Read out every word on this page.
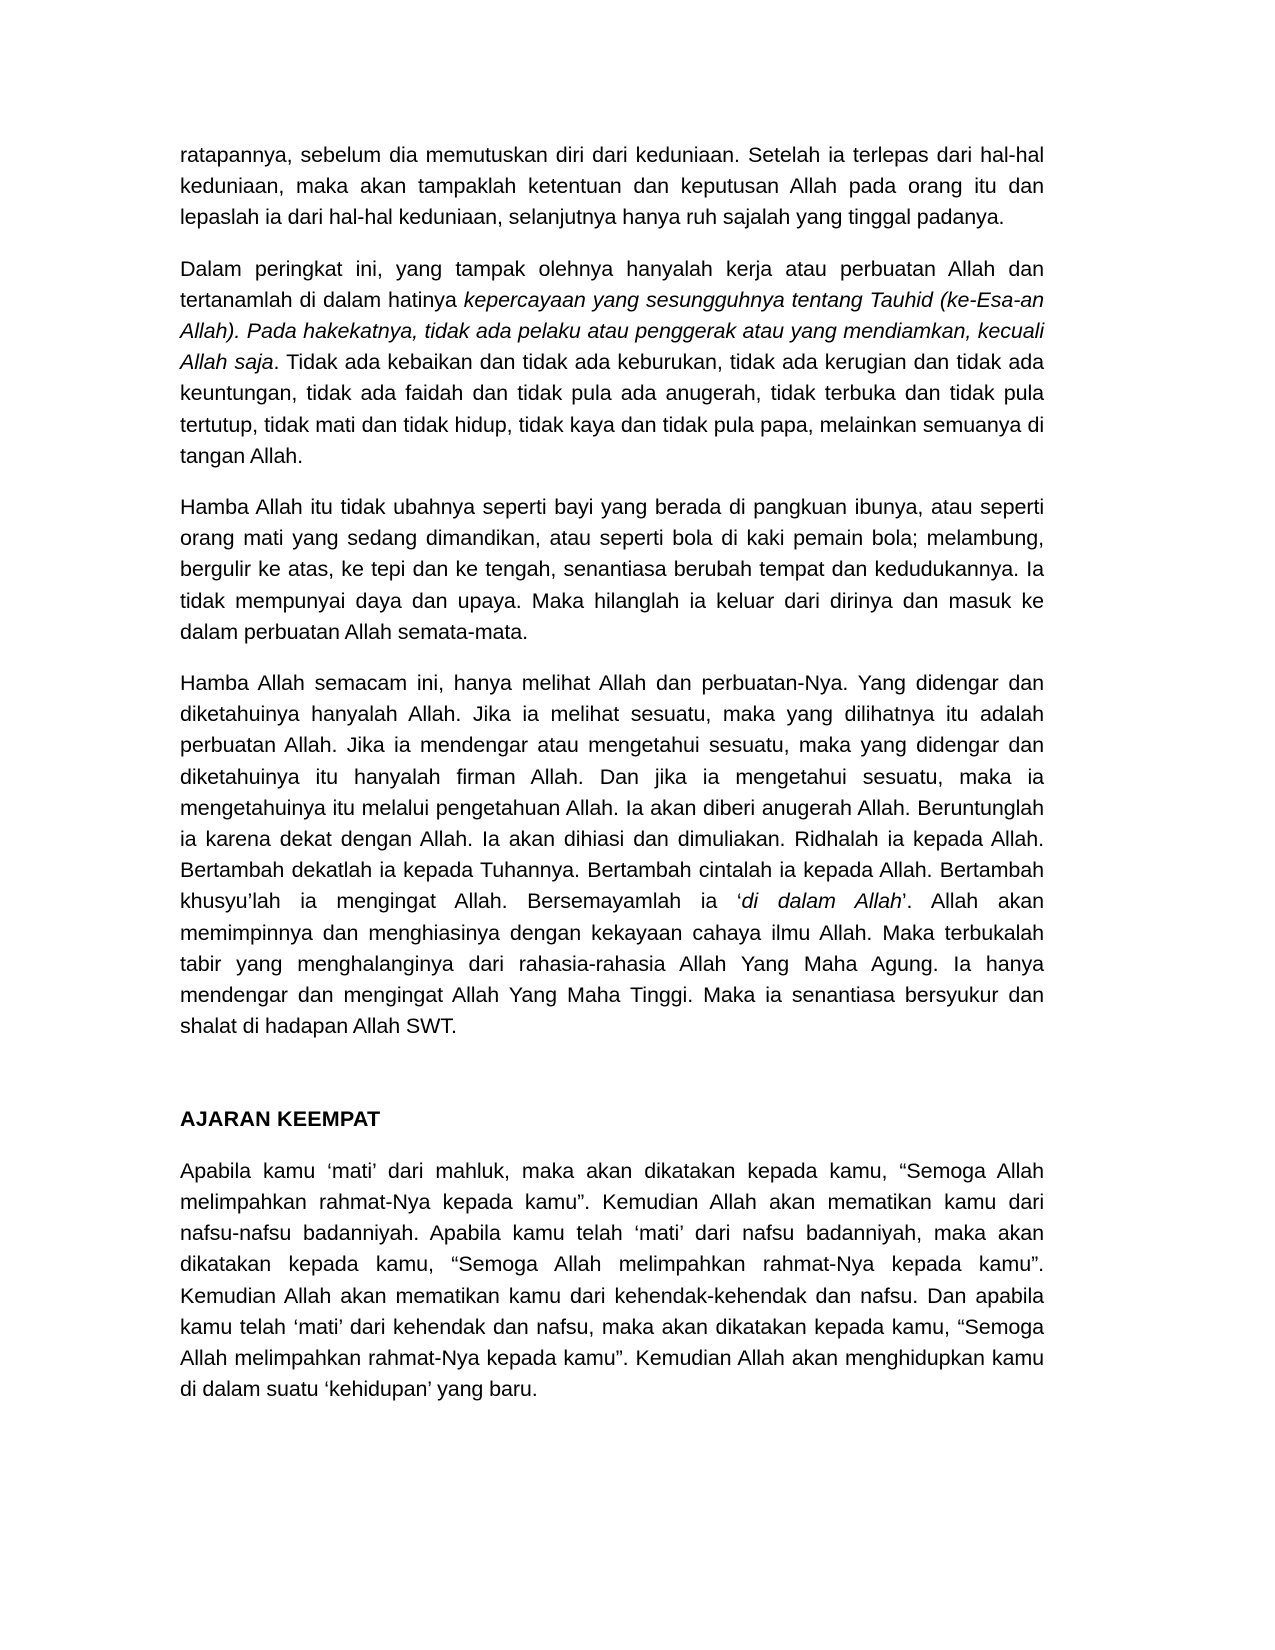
ratapannya, sebelum dia memutuskan diri dari keduniaan. Setelah ia terlepas dari hal-hal keduniaan, maka akan tampaklah ketentuan dan keputusan Allah pada orang itu dan lepaslah ia dari hal-hal keduniaan, selanjutnya hanya ruh sajalah yang tinggal padanya.

Dalam peringkat ini, yang tampak olehnya hanyalah kerja atau perbuatan Allah dan tertanamlah di dalam hatinya kepercayaan yang sesungguhnya tentang Tauhid (ke-Esa-an Allah). Pada hakekatnya, tidak ada pelaku atau penggerak atau yang mendiamkan, kecuali Allah saja. Tidak ada kebaikan dan tidak ada keburukan, tidak ada kerugian dan tidak ada keuntungan, tidak ada faidah dan tidak pula ada anugerah, tidak terbuka dan tidak pula tertutup, tidak mati dan tidak hidup, tidak kaya dan tidak pula papa, melainkan semuanya di tangan Allah.

Hamba Allah itu tidak ubahnya seperti bayi yang berada di pangkuan ibunya, atau seperti orang mati yang sedang dimandikan, atau seperti bola di kaki pemain bola; melambung, bergulir ke atas, ke tepi dan ke tengah, senantiasa berubah tempat dan kedudukannya. Ia tidak mempunyai daya dan upaya. Maka hilanglah ia keluar dari dirinya dan masuk ke dalam perbuatan Allah semata-mata.

Hamba Allah semacam ini, hanya melihat Allah dan perbuatan-Nya. Yang didengar dan diketahuinya hanyalah Allah. Jika ia melihat sesuatu, maka yang dilihatnya itu adalah perbuatan Allah. Jika ia mendengar atau mengetahui sesuatu, maka yang didengar dan diketahuinya itu hanyalah firman Allah. Dan jika ia mengetahui sesuatu, maka ia mengetahuinya itu melalui pengetahuan Allah. Ia akan diberi anugerah Allah. Beruntunglah ia karena dekat dengan Allah. Ia akan dihiasi dan dimuliakan. Ridhalah ia kepada Allah. Bertambah dekatlah ia kepada Tuhannya. Bertambah cintalah ia kepada Allah. Bertambah khusyu’lah ia mengingat Allah. Bersemayamlah ia ‘di dalam Allah’. Allah akan memimpinnya dan menghiasinya dengan kekayaan cahaya ilmu Allah. Maka terbukalah tabir yang menghalanginya dari rahasia-rahasia Allah Yang Maha Agung. Ia hanya mendengar dan mengingat Allah Yang Maha Tinggi. Maka ia senantiasa bersyukur dan shalat di hadapan Allah SWT.

AJARAN KEEMPAT

Apabila kamu ‘mati’ dari mahluk, maka akan dikatakan kepada kamu, “Semoga Allah melimpahkan rahmat-Nya kepada kamu”. Kemudian Allah akan mematikan kamu dari nafsu-nafsu badanniyah. Apabila kamu telah ‘mati’ dari nafsu badanniyah, maka akan dikatakan kepada kamu, “Semoga Allah melimpahkan rahmat-Nya kepada kamu”. Kemudian Allah akan mematikan kamu dari kehendak-kehendak dan nafsu. Dan apabila kamu telah ‘mati’ dari kehendak dan nafsu, maka akan dikatakan kepada kamu, “Semoga Allah melimpahkan rahmat-Nya kepada kamu”. Kemudian Allah akan menghidupkan kamu di dalam suatu ‘kehidupan’ yang baru.
